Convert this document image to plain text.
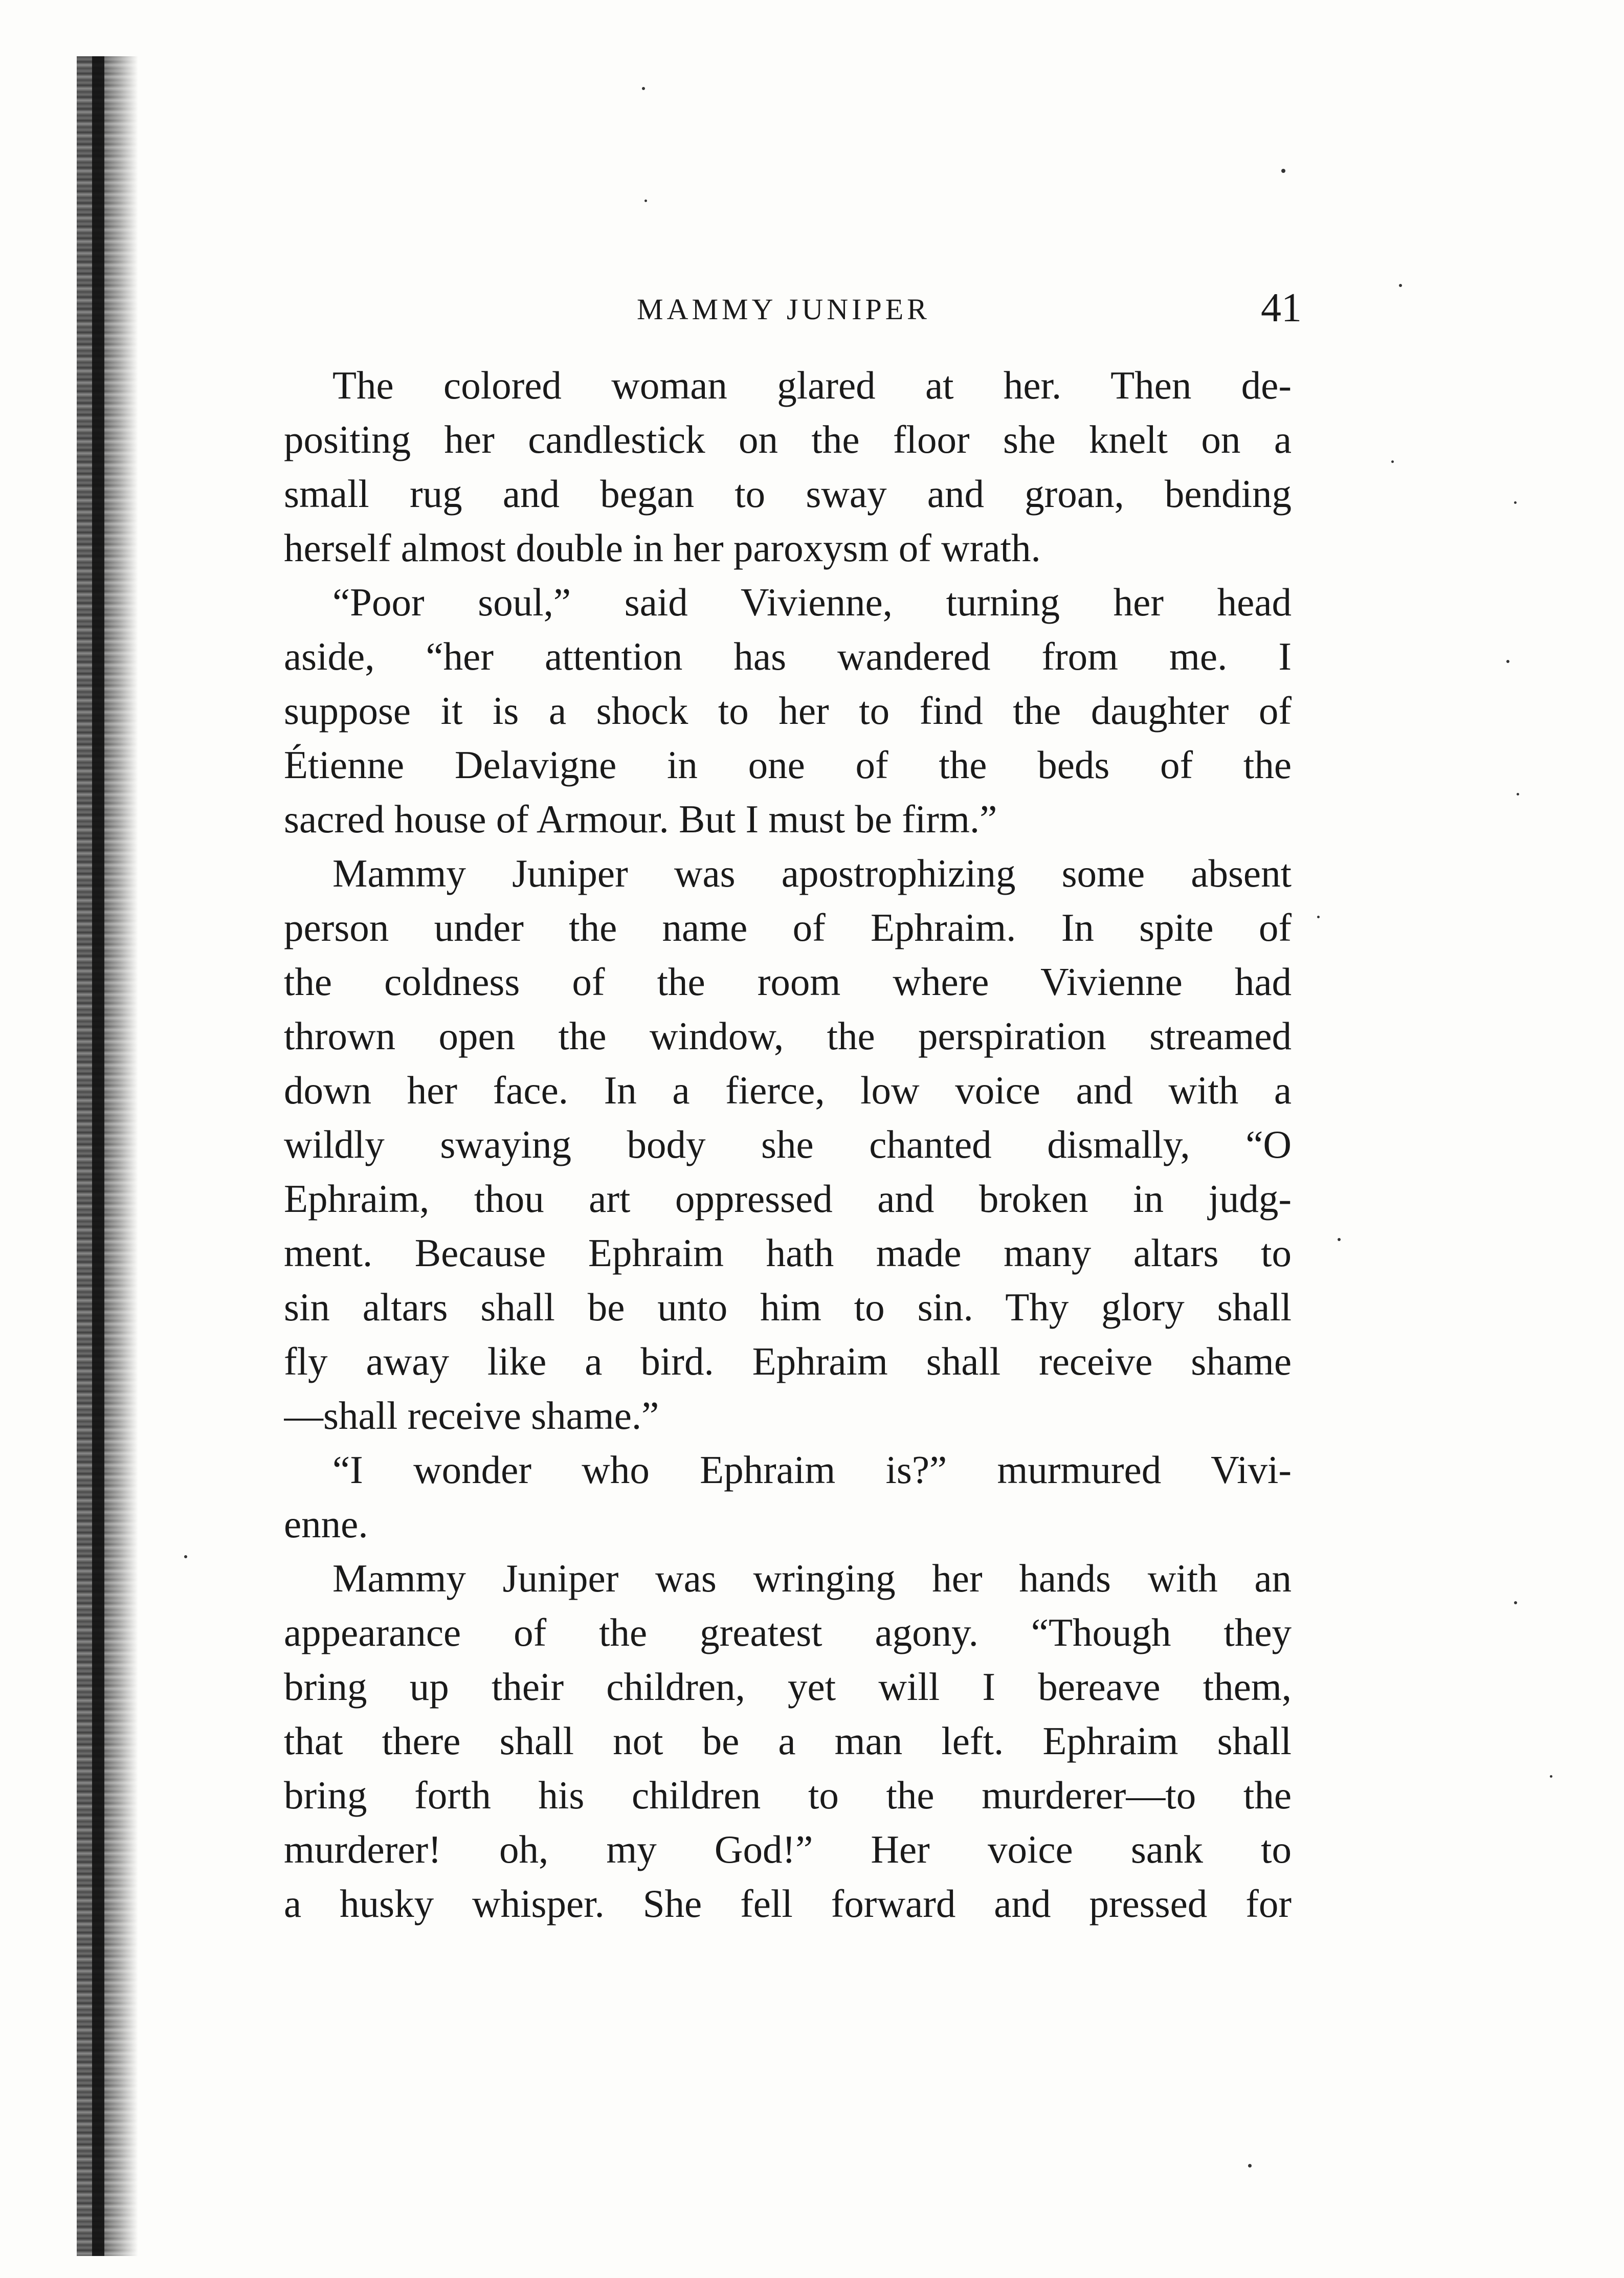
MAMMY JUNIPER	41
The colored woman glared at her. Then de-
positing her candlestick on the floor she knelt on a
small rug and began to sway and groan, bending
herself almost double in her paroxysm of wrath.
“Poor soul,” said Vivienne, turning her head
aside, “her attention has wandered from me. I
suppose it is a shock to her to find the daughter of
Étienne Delavigne in one of the beds of the
sacred house of Armour. But I must be firm.”
Mammy Juniper was apostrophizing some absent
person under the name of Ephraim. In spite of
the coldness of the room where Vivienne had
thrown open the window, the perspiration streamed
down her face. In a fierce, low voice and with a
wildly swaying body she chanted dismally, “O
Ephraim, thou art oppressed and broken in judg-
ment. Because Ephraim hath made many altars to
sin altars shall be unto him to sin. Thy glory shall
fly away like a bird. Ephraim shall receive shame
—shall receive shame.”
“I wonder who Ephraim is?” murmured Vivi-
enne.
Mammy Juniper was wringing her hands with an
appearance of the greatest agony. “Though they
bring up their children, yet will I bereave them,
that there shall not be a man left. Ephraim shall
bring forth his children to the murderer—to the
murderer! oh, my God!” Her voice sank to
a husky whisper. She fell forward and pressed for
